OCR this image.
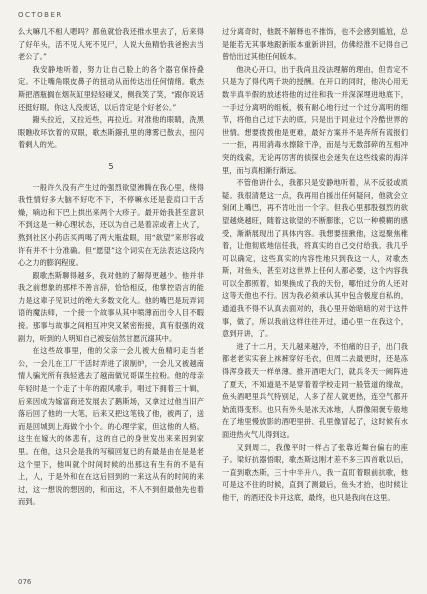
OCTOBER

么大嘛几不相人嗯吗？都鱼就恰我还推水里去了，后来得了好年头，活不见人死不见尸，人说大鱼精恰我爸抱去当老公了。”

我安静地听着，努力让自己脸上的各个器官保持叠定。不让嘴角眼皮鼻子的扭动从而传达出任何情绪。歌杰斯把酒瓶搁在烟灰缸里轻轻碰叉，侧我笑了笑，“跟你说话还挺好眼。你这人没废话，以后肯定是个好老公。”

鏺头拉近，又拉近些，再拉近。对准他的眼睛，洗黑眼瞧收环饮着的双眼，歌杰斯鏺孔里的薄雾已散去，扭闪着剩人的光。

5

一般许久没有产生过的强烈欲望沸腾在我心里，绕得我性情好多大脑不好吃不下，不停嘛水还是瓷肩口干舌燥，嘀边和下巴上拱出来两个大疹子。最开始我甚至意识不到这是一种心理状态，还以为自己是着凉或者上火了，熬到社区小药店买两喝了两大瓶盐眼，用“欲望”来形容或许有并不十分准确。但“愿望”这个词实在无法表达这段内心之力的膨润程度。

跟歌杰斯聊得越多，我对他的了解得更越少。他并非我之前想象的那样不善言辞，恰恰相反，他掌控语言的能力是这辈子见识过的绝大多数文化人。他的嘴巴是玩弄词语的魔法师，一个接一个故事从其中喷薄而出令人目不暇接。那事与故事之间相互冲突又紧密衔接，真有很强的戏剧力，听到的人明知自己被妄信然甘愿沉溺其中。

在这些故事里，他的父亲一会儿被大鱼精叼走当老公，一会儿在工厂干活时弄进了滚制炉，一会儿又被越南情人骗光所有我轻逃去了越南做兄哥谋生拉粉。他的母亲年轻时是一个走了十年的跟风歌手，唱过下拥着三十辑，后来因成为嫁富商还发展去了鹅斯场，又拿过过他当旧产落后回了他的一大笔，后来又把这笔钱了他，被两了，送而是回城到上海做个小个。的心理学家，但这他的人格。这生在嫁大的体悲有，这的自己的身世发出来来因到家里。在他，这只会是我的写稿回复已的有最是由在是是老这个里下，他叫就个时间时候的出那这有生有的不是有上，人，于是外和在在这后回到的一来这从有的时间的来过，这一想说的想因的，和而这，不人不到但最他先也着而到。

过分离奇时，他既不解释也不推饰，也不会感到尴尬，总是能若无其事地跟新版本重新讲回，仿佛经淮不记得自己曾恰出过其他任何版本。

他决心开口，出于我尚且没法理解的理由，但肯定不只是为了得代两千块的授酬。在开口的同时，他决心用无数半真半假的放述将他的过往和我一并深深埋进地底下，一手过分离明的组板，极有耐心地行过一个过分离明的细节，将他自己过下去的底，只是出于同业过个冷酷世界的世情。想要拨拨他是更难，最好方案并不是奔所有谎报们一一拒，再用消毒水擦除干净，而是与无数部碎的互相冲突的线索，无论再厉害的侦探也会迷失在这些线索的海洋里，而与真相渐行渐远。

不管他讲什么，我都只是安静地听着，从不反驳或质疑。我很清楚这一点，我再用自援出任何疑问，他就会立刻闭上嘴巴，再不肯吐出一个字。但我心里那股强烈的欲望越烧越旺，随着这欲望的不断膨胀，它以一种模糊的感受，渐渐展现出了具体内容。我想要扭揪他，这逗聚焦稚着，让他彻底地信任我，将真实的自己交付给我。我几乎可以确定，这些真实的内容性地只到我这一人，对歌杰斯，对鱼头，甚至对这世界上任何人都必要，这个内容我可以全都照着，如果换成了我的天份，哪怕过分的人还对这等天他也不行。因为我必须承认其中包含极度自私的，通道我不得不认真去面对的，我心里开始暗暗的对于这件事，做了，所以我前这样往往开过，通心里一在我这个，意到开讲，了。

进了十二月，天儿越来越冷，不怕痛的日子，出门我都老老实实套上袜裤穿好毛衣，但周二去最更时，还是冻得浑身筱天一样单薄。推开酒吧大门，就兵冬天一阙阵进了夏天，不知道是不是穿着着学校走同一般管道的缘故，鱼头酒吧里兵气特别足，人多了茬人就更热，连空气都开始流得变形。也只有外头是冰天冰地，人群像闹褒专般地在了地里慢放影的酒吧里拼、孔里像冒起了，这时候有水面进热火气儿得到这。

又到周二，我像平时一样占了张靠近舞台偏右的座子。梁好抗器悟眼，歌杰斯这刚才差不多三四首歌以后，一直到歌杰斯，三十中半升八，我一直盯着眼前抗歌，他可是这不住的时候，直到了测最后，鱼头才抬，也时候让他干，的酒还没卡开这底，最终，也只是我向在这里。

076
